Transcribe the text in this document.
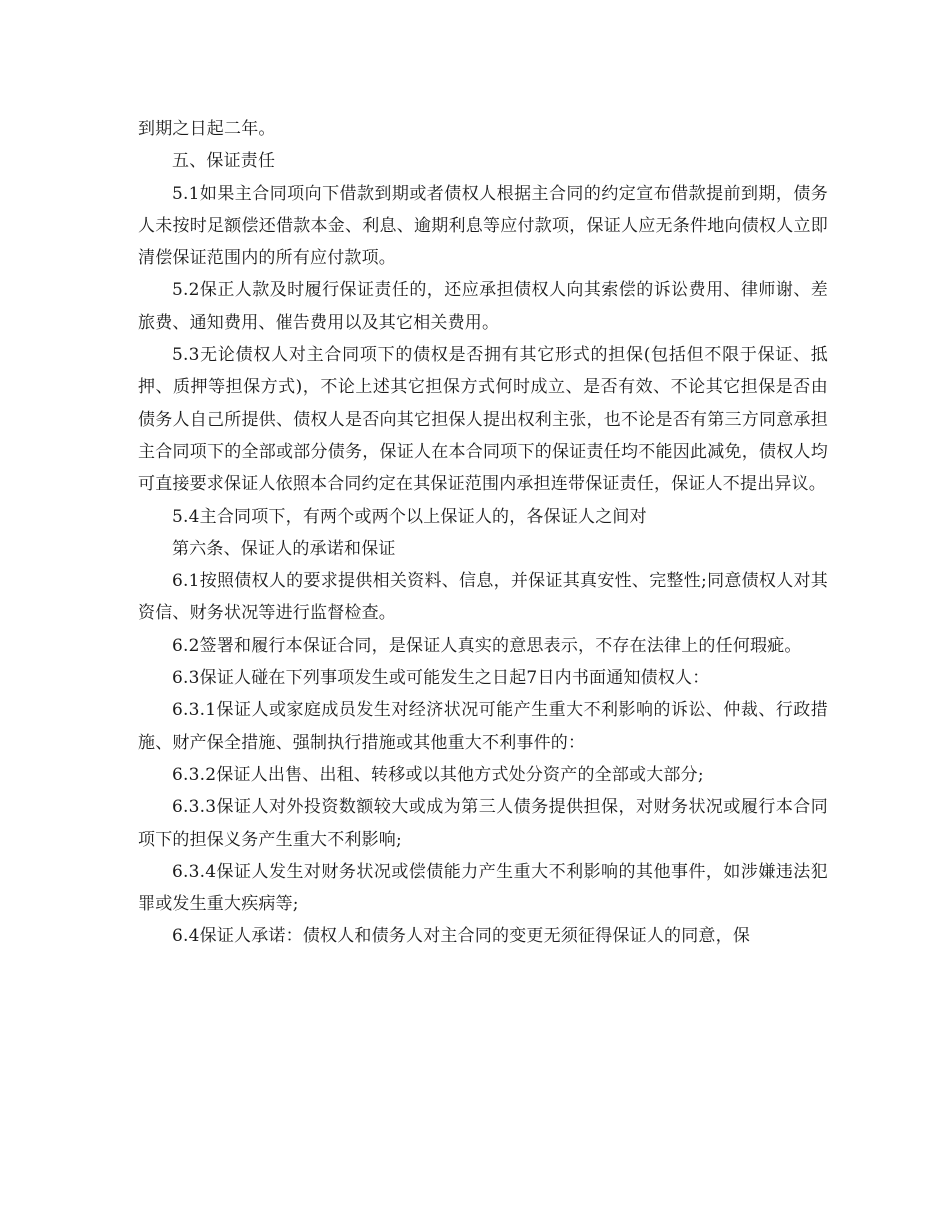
到期之日起二年。

五、保证责任

5.1如果主合同项向下借款到期或者债权人根据主合同的约定宣布借款提前到期，债务人未按时足额偿还借款本金、利息、逾期利息等应付款项，保证人应无条件地向债权人立即清偿保证范围内的所有应付款项。

5.2保正人款及时履行保证责任的，还应承担债权人向其索偿的诉讼费用、律师谢、差旅费、通知费用、催告费用以及其它相关费用。

5.3无论债权人对主合同项下的债权是否拥有其它形式的担保(包括但不限于保证、抵押、质押等担保方式)，不论上述其它担保方式何时成立、是否有效、不论其它担保是否由债务人自己所提供、债权人是否向其它担保人提出权利主张，也不论是否有第三方同意承担主合同项下的全部或部分债务，保证人在本合同项下的保证责任均不能因此减免，债权人均可直接要求保证人依照本合同约定在其保证范围内承担连带保证责任，保证人不提出异议。

5.4主合同项下，有两个或两个以上保证人的，各保证人之间对

第六条、保证人的承诺和保证

6.1按照债权人的要求提供相关资料、信息，并保证其真安性、完整性;同意债权人对其资信、财务状况等进行监督检查。

6.2签署和履行本保证合同，是保证人真实的意思表示，不存在法律上的任何瑕疵。

6.3保证人碰在下列事项发生或可能发生之日起7日内书面通知债权人：

6.3.1保证人或家庭成员发生对经济状况可能产生重大不利影响的诉讼、仲裁、行政措施、财产保全措施、强制执行措施或其他重大不利事件的：

6.3.2保证人出售、出租、转移或以其他方式处分资产的全部或大部分;

6.3.3保证人对外投资数额较大或成为第三人债务提供担保，对财务状况或履行本合同项下的担保义务产生重大不利影响;

6.3.4保证人发生对财务状况或偿债能力产生重大不利影响的其他事件，如涉嫌违法犯罪或发生重大疾病等;

6.4保证人承诺：债权人和债务人对主合同的变更无须征得保证人的同意，保
